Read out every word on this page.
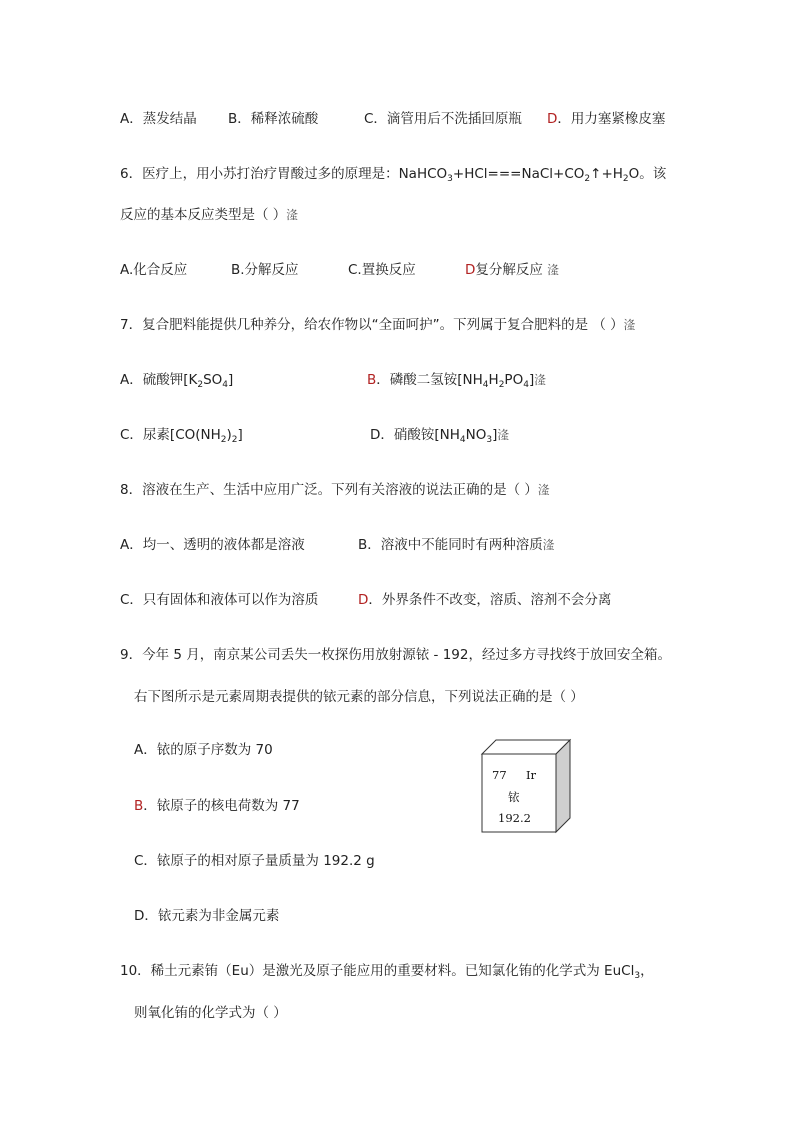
A．蒸发结晶 B．稀释浓硫酸	C．滴管用后不洗插回原瓶 D．用力塞紧橡皮塞
6．医疗上，用小苏打治疗胃酸过多的原理是：$NaHCO_3+HCl===NaCl+CO_2↑+H_2O$。该
反应的基本反应类型是（ ）湰
A.化合反应	B.分解反应	C.置换反应	D复分解反应 湰
7．复合肥料能提供几种养分，给农作物以“全面呵护”。下列属于复合肥料的是 （ ）湰
A．硫酸钾$[K_2SO_4]$	B．磷酸二氢铵$[NH_4H_2PO_4]$湰
C．尿素$[CO(NH_2)_2]$	D．硝酸铵$[NH_4NO_3]$湰
8．溶液在生产、生活中应用广泛。下列有关溶液的说法正确的是（ ）湰
A．均一、透明的液体都是溶液	B．溶液中不能同时有两种溶质湰
C．只有固体和液体可以作为溶质	D．外界条件不改变，溶质、溶剂不会分离
9．今年 5 月，南京某公司丢失一枚探伤用放射源铱 - 192，经过多方寻找终于放回安全箱。
右下图所示是元素周期表提供的铱元素的部分信息，下列说法正确的是（ ）
A．铱的原子序数为 70
B．铱原子的核电荷数为 77
C．铱原子的相对原子量质量为 192.2 g
D．铱元素为非金属元素
77 Ir
铱
192.2
10．稀土元素铕（Eu）是激光及原子能应用的重要材料。已知氯化铕的化学式为 EuCl$_3$，
则氧化铕的化学式为（ ）
